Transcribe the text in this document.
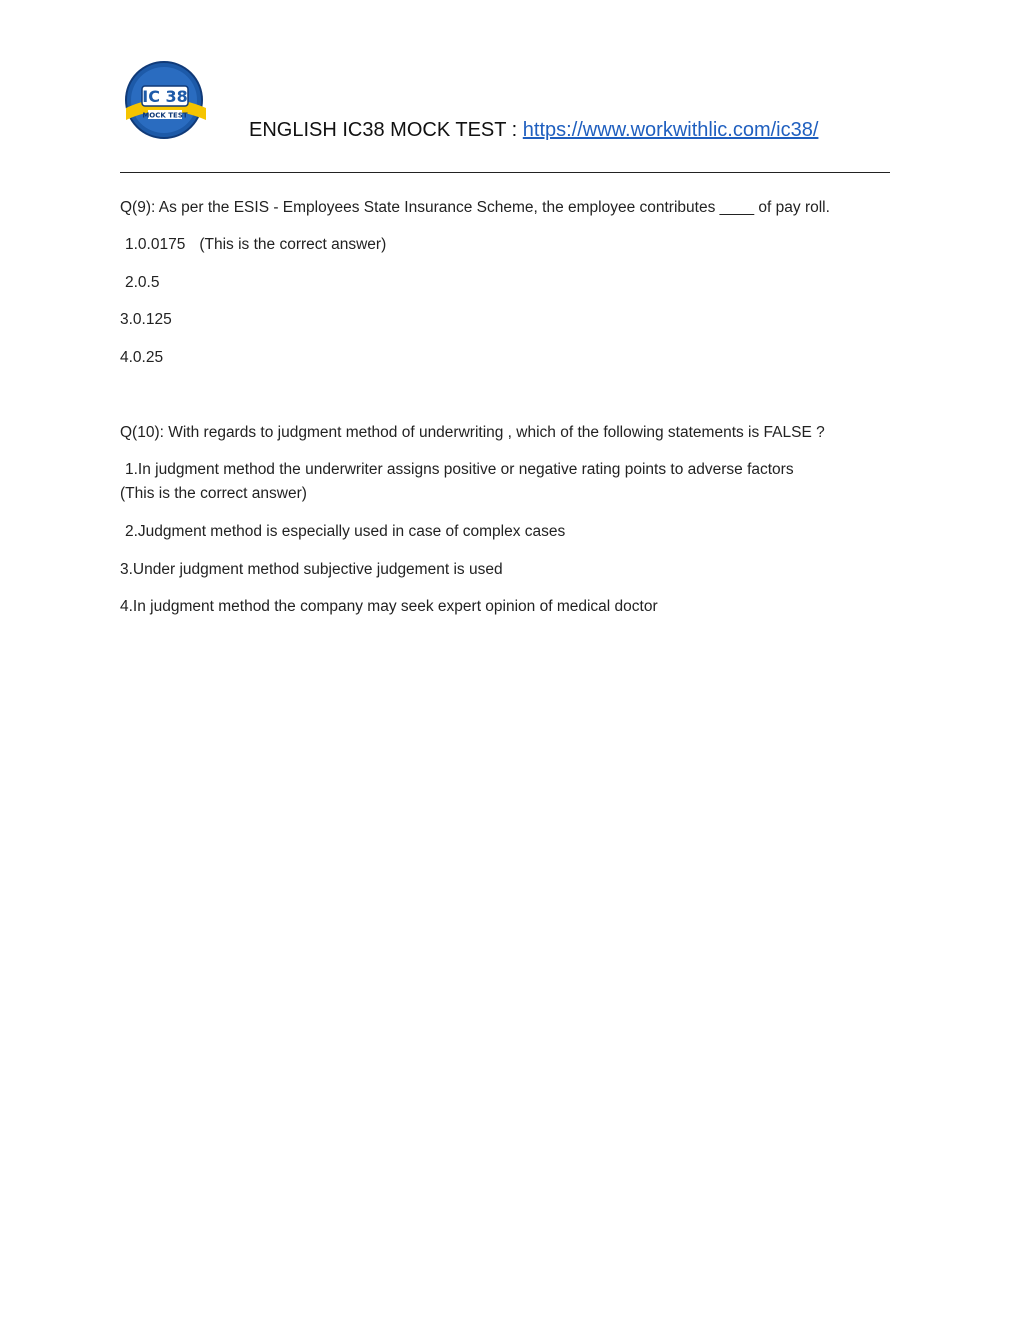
IC 38
MOCK TEST
ENGLISH IC38 MOCK TEST : https://www.workwithlic.com/ic38/
Q(9): As per the ESIS - Employees State Insurance Scheme, the employee contributes ____ of pay roll.
1.0.0175 (This is the correct answer)
2.0.5
3.0.125
4.0.25
Q(10): With regards to judgment method of underwriting , which of the following statements is FALSE ?
1.In judgment method the underwriter assigns positive or negative rating points to adverse factors
(This is the correct answer)
2.Judgment method is especially used in case of complex cases
3.Under judgment method subjective judgement is used
4.In judgment method the company may seek expert opinion of medical doctor
